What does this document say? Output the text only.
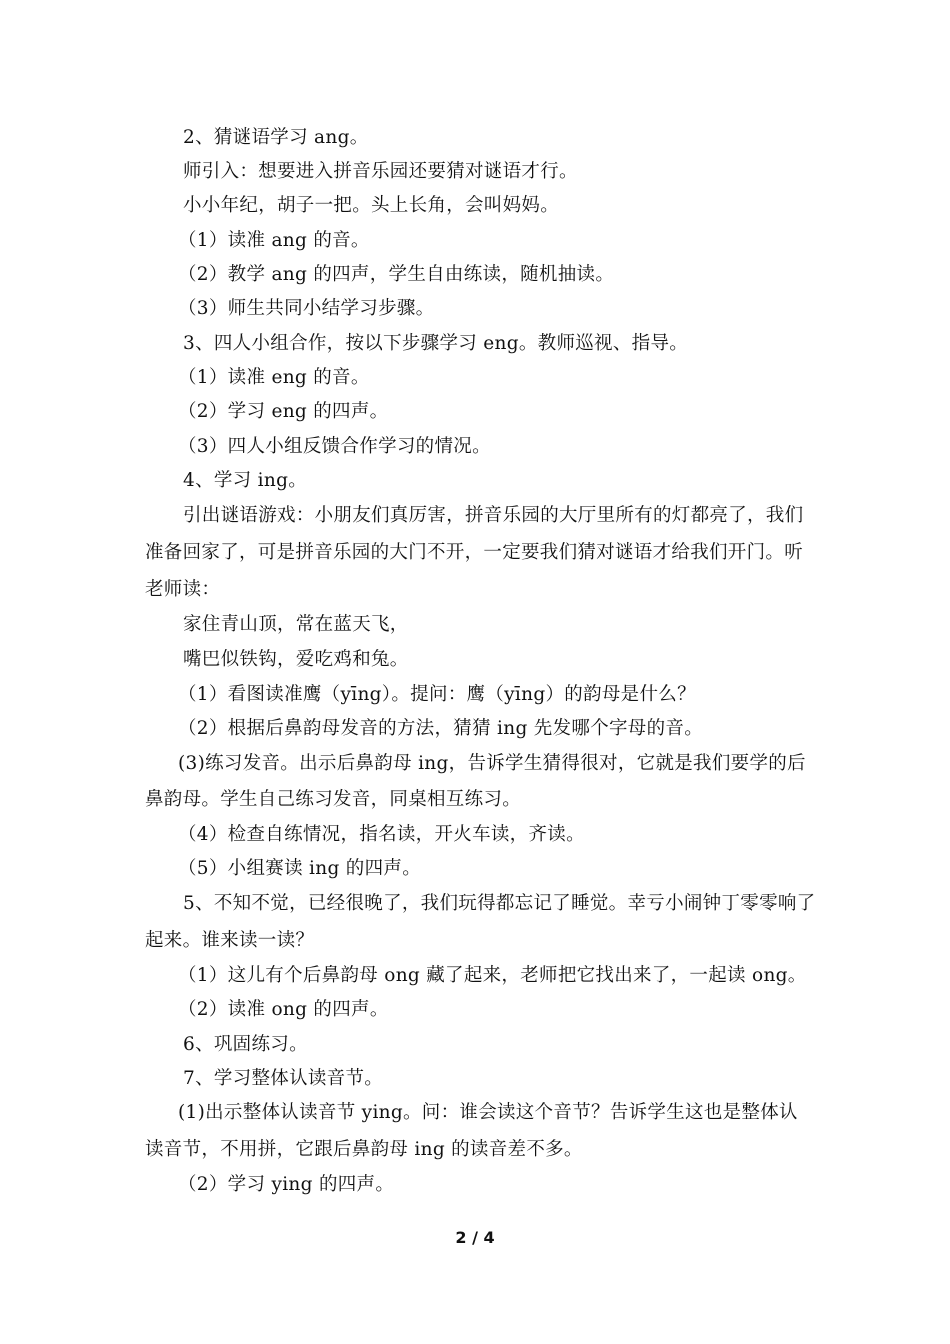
2、猜谜语学习 ang。
师引入：想要进入拼音乐园还要猜对谜语才行。
小小年纪，胡子一把。头上长角，会叫妈妈。
（1）读准 ang 的音。
（2）教学 ang 的四声，学生自由练读，随机抽读。
（3）师生共同小结学习步骤。
3、四人小组合作，按以下步骤学习 eng。教师巡视、指导。
（1）读准 eng 的音。
（2）学习 eng 的四声。
（3）四人小组反馈合作学习的情况。
4、学习 ing。
引出谜语游戏：小朋友们真厉害，拼音乐园的大厅里所有的灯都亮了，我们
准备回家了，可是拼音乐园的大门不开，一定要我们猜对谜语才给我们开门。听
老师读：
家住青山顶，常在蓝天飞，
嘴巴似铁钩，爱吃鸡和兔。
（1）看图读准鹰（yīng）。提问：鹰（yīng）的韵母是什么？
（2）根据后鼻韵母发音的方法，猜猜 ing 先发哪个字母的音。
(3)练习发音。出示后鼻韵母 ing，告诉学生猜得很对，它就是我们要学的后
鼻韵母。学生自己练习发音，同桌相互练习。
（4）检查自练情况，指名读，开火车读，齐读。
（5）小组赛读 ing 的四声。
5、不知不觉，已经很晚了，我们玩得都忘记了睡觉。幸亏小闹钟丁零零响了
起来。谁来读一读？
（1）这儿有个后鼻韵母 ong 藏了起来，老师把它找出来了，一起读 ong。
（2）读准 ong 的四声。
6、巩固练习。
7、学习整体认读音节。
(1)出示整体认读音节 ying。问：谁会读这个音节？告诉学生这也是整体认
读音节，不用拼，它跟后鼻韵母 ing 的读音差不多。
（2）学习 ying 的四声。
2 / 4
